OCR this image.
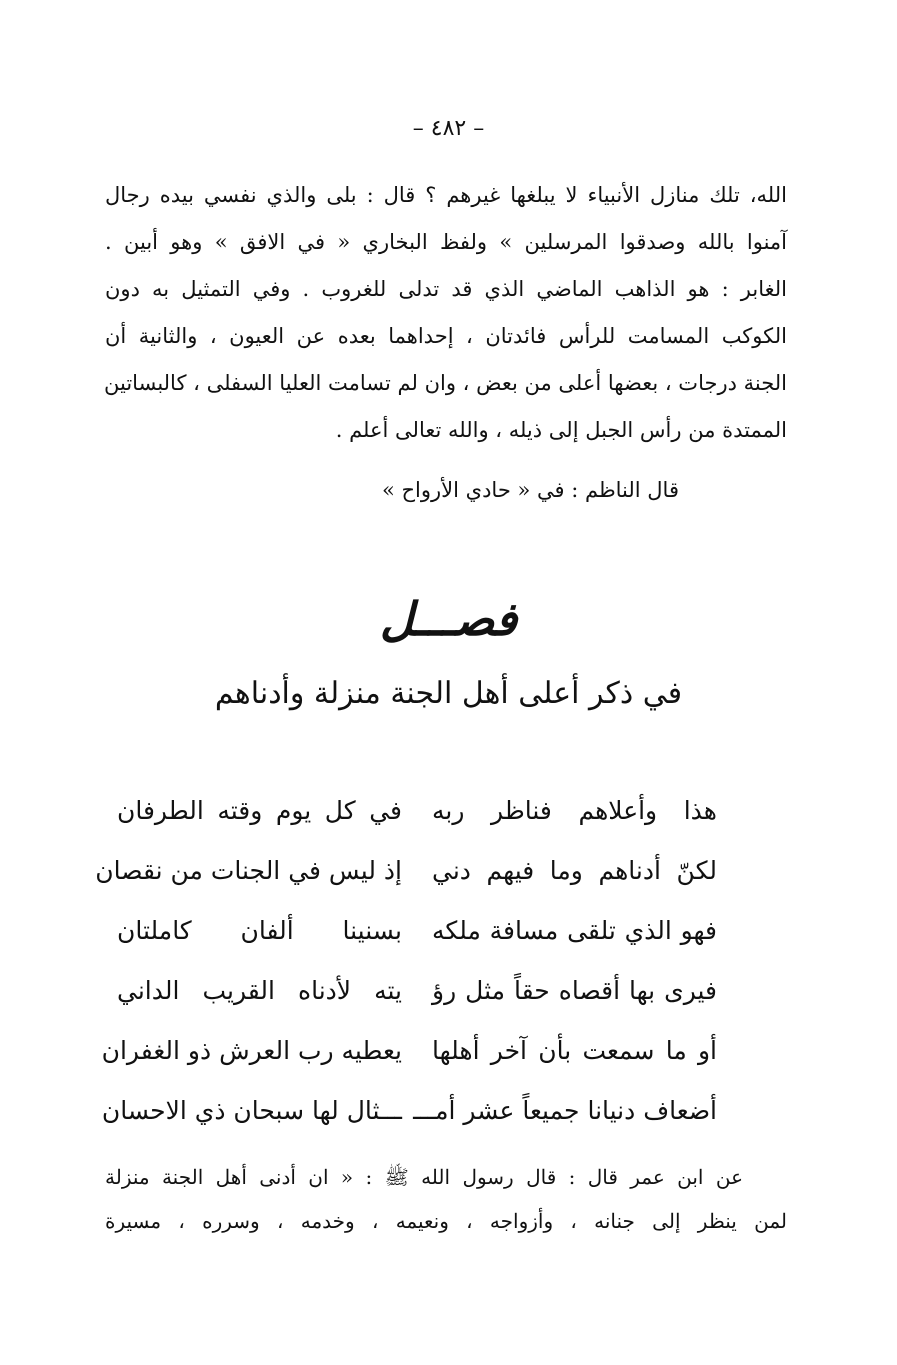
– ٤٨٢ –
الله، تلك منازل الأنبياء لا يبلغها غيرهم ؟ قال : بلى والذي نفسي بيده رجال
آمنوا بالله وصدقوا المرسلين » ولفظ البخاري « في الافق » وهو أبين .
الغابر : هو الذاهب الماضي الذي قد تدلى للغروب . وفي التمثيل به دون
الكوكب المسامت للرأس فائدتان ، إحداهما بعده عن العيون ، والثانية أن
الجنة درجات ، بعضها أعلى من بعض ، وان لم تسامت العليا السفلى ، كالبساتين
الممتدة من رأس الجبل إلى ذيله ، والله تعالى أعلم .
قال الناظم : في « حادي الأرواح »
فصـــل
في ذكر أعلى أهل الجنة منزلة وأدناهم
هذا وأعلاهم فناظر ربه
في كل يوم وقته الطرفان
لكنّ أدناهم وما فيهم دني
إذ ليس في الجنات من نقصان
فهو الذي تلقى مسافة ملكه
بسنينا ألفان كاملتان
فيرى بها أقصاه حقاً مثل رؤ
يته لأدناه القريب الداني
أو ما سمعت بأن آخر أهلها
يعطيه رب العرش ذو الغفران
أضعاف دنيانا جميعاً عشر أمـــ
ـــثال لها سبحان ذي الاحسان
عن ابن عمر قال : قال رسول الله ﷺ : « ان أدنى أهل الجنة منزلة
لمن ينظر إلى جنانه ، وأزواجه ، ونعيمه ، وخدمه ، وسرره ، مسيرة
